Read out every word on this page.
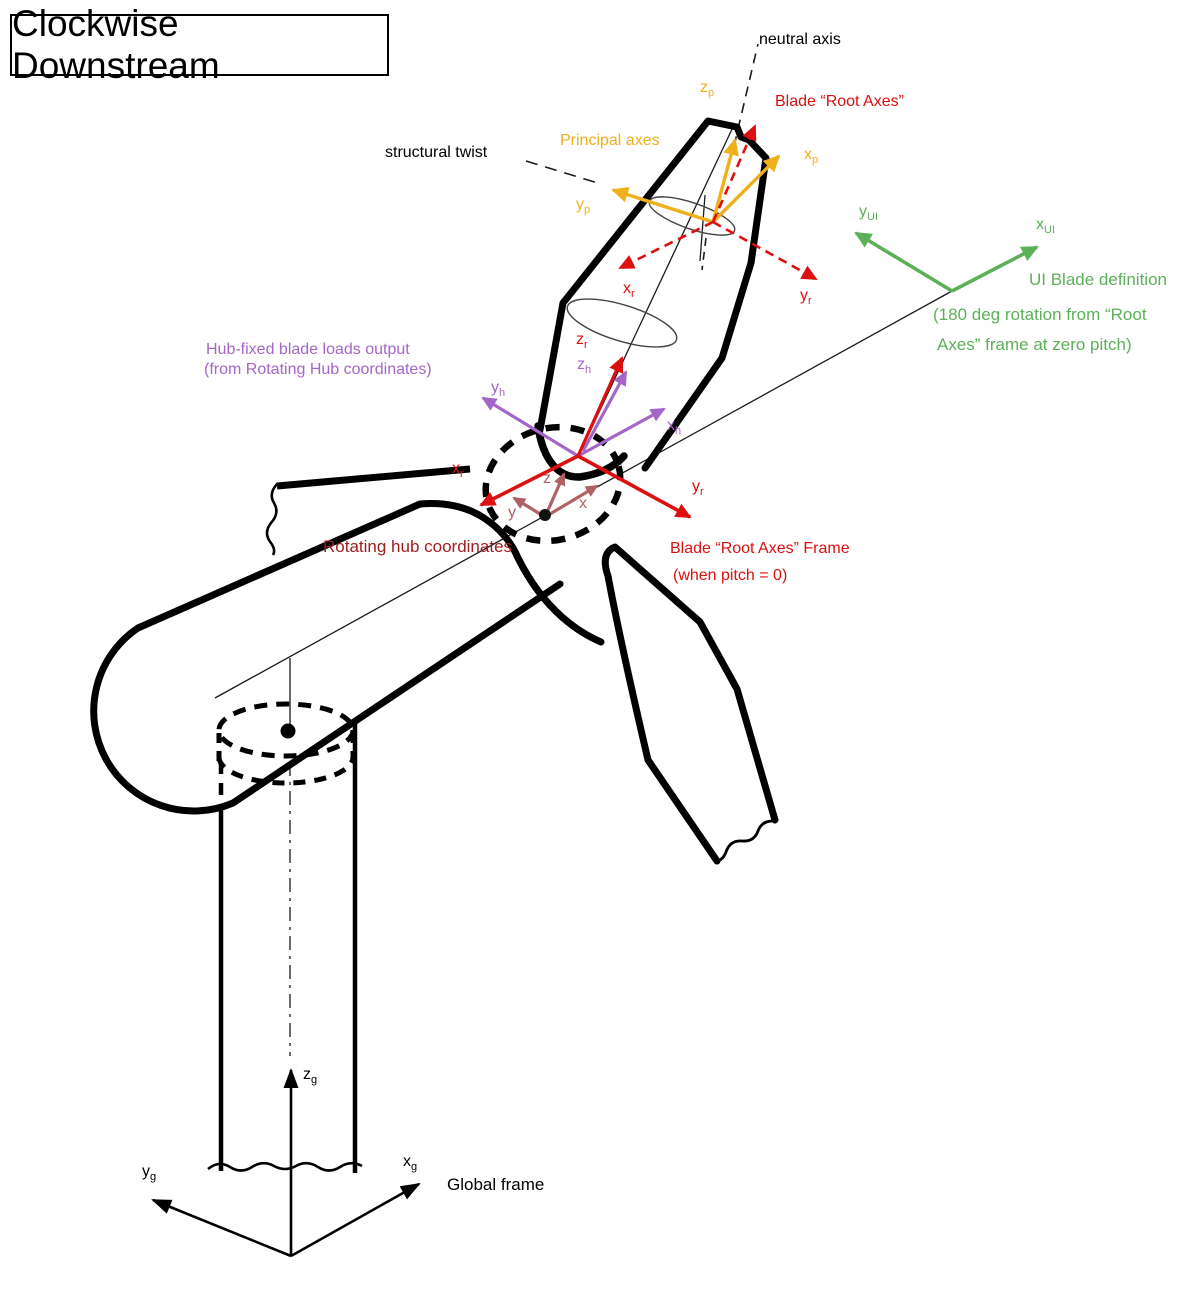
Clockwise Downstream
neutral axis
structural twist
Global frame
$z_g$
$y_g$
$x_g$
Principal axes
$z_p$
$x_p$
$y_p$
Blade “Root Axes”
$x_r$	$y_r$
$z_r$
$x_r$
$y_r$
Blade “Root Axes” Frame
(when pitch = 0)
Rotating hub coordinates
$z_h$
$y_h$
$x_h$
Hub-fixed blade loads output
(from Rotating Hub coordinates)
z
x
y
$y_{UI}$	$x_{UI}$
UI Blade definition
(180 deg rotation from “Root
Axes” frame at zero pitch)
